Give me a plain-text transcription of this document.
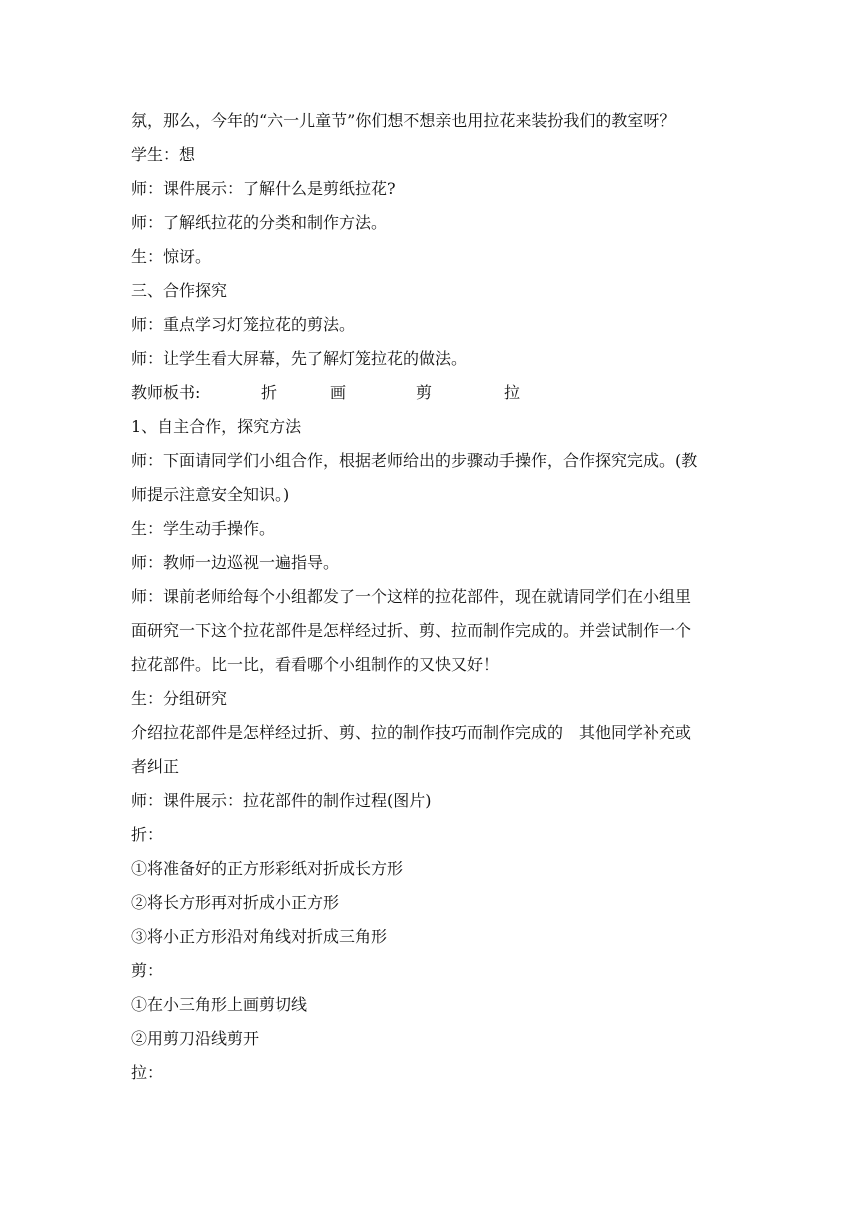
氛，那么，今年的“六一儿童节”你们想不想亲也用拉花来装扮我们的教室呀？
学生：想
师：课件展示：了解什么是剪纸拉花?
师：了解纸拉花的分类和制作方法。
生：惊讶。
三、合作探究
师：重点学习灯笼拉花的剪法。
师：让学生看大屏幕，先了解灯笼拉花的做法。
教师板书:	折	画	剪	拉
1、自主合作，探究方法
师：下面请同学们小组合作，根据老师给出的步骤动手操作，合作探究完成。(教
师提示注意安全知识。)
生：学生动手操作。
师：教师一边巡视一遍指导。
师：课前老师给每个小组都发了一个这样的拉花部件，现在就请同学们在小组里
面研究一下这个拉花部件是怎样经过折、剪、拉而制作完成的。并尝试制作一个
拉花部件。比一比，看看哪个小组制作的又快又好！
生：分组研究
介绍拉花部件是怎样经过折、剪、拉的制作技巧而制作完成的　其他同学补充或
者纠正
师：课件展示：拉花部件的制作过程(图片)
折：
①将准备好的正方形彩纸对折成长方形
②将长方形再对折成小正方形
③将小正方形沿对角线对折成三角形
剪：
①在小三角形上画剪切线
②用剪刀沿线剪开
拉：
